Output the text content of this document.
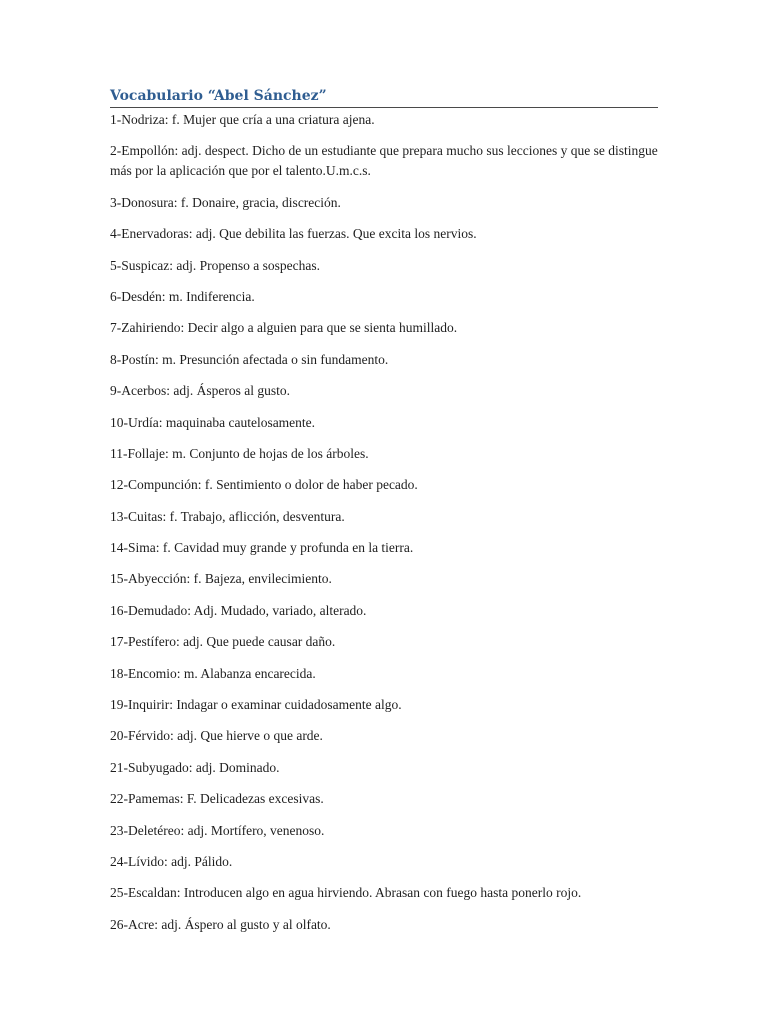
Vocabulario “Abel Sánchez”
1-Nodriza: f. Mujer que cría a una criatura ajena.
2-Empollón: adj. despect. Dicho de un estudiante que prepara mucho sus lecciones y que se distingue más por la aplicación que por el talento.U.m.c.s.
3-Donosura: f. Donaire, gracia, discreción.
4-Enervadoras: adj. Que debilita las fuerzas. Que excita los nervios.
5-Suspicaz: adj. Propenso a sospechas.
6-Desdén: m. Indiferencia.
7-Zahiriendo: Decir algo a alguien para que se sienta humillado.
8-Postín: m. Presunción afectada o sin fundamento.
9-Acerbos: adj. Ásperos al gusto.
10-Urdía: maquinaba cautelosamente.
11-Follaje: m. Conjunto de hojas de los árboles.
12-Compunción: f. Sentimiento o dolor de haber pecado.
13-Cuitas: f. Trabajo, aflicción, desventura.
14-Sima: f. Cavidad muy grande y profunda en la tierra.
15-Abyección: f. Bajeza, envilecimiento.
16-Demudado: Adj. Mudado, variado, alterado.
17-Pestífero: adj. Que puede causar daño.
18-Encomio: m. Alabanza encarecida.
19-Inquirir: Indagar o examinar cuidadosamente algo.
20-Férvido: adj. Que hierve o que arde.
21-Subyugado: adj. Dominado.
22-Pamemas: F. Delicadezas excesivas.
23-Deletéreo: adj. Mortífero, venenoso.
24-Lívido: adj. Pálido.
25-Escaldan: Introducen algo en agua hirviendo. Abrasan con fuego hasta ponerlo rojo.
26-Acre: adj. Áspero al gusto y al olfato.
